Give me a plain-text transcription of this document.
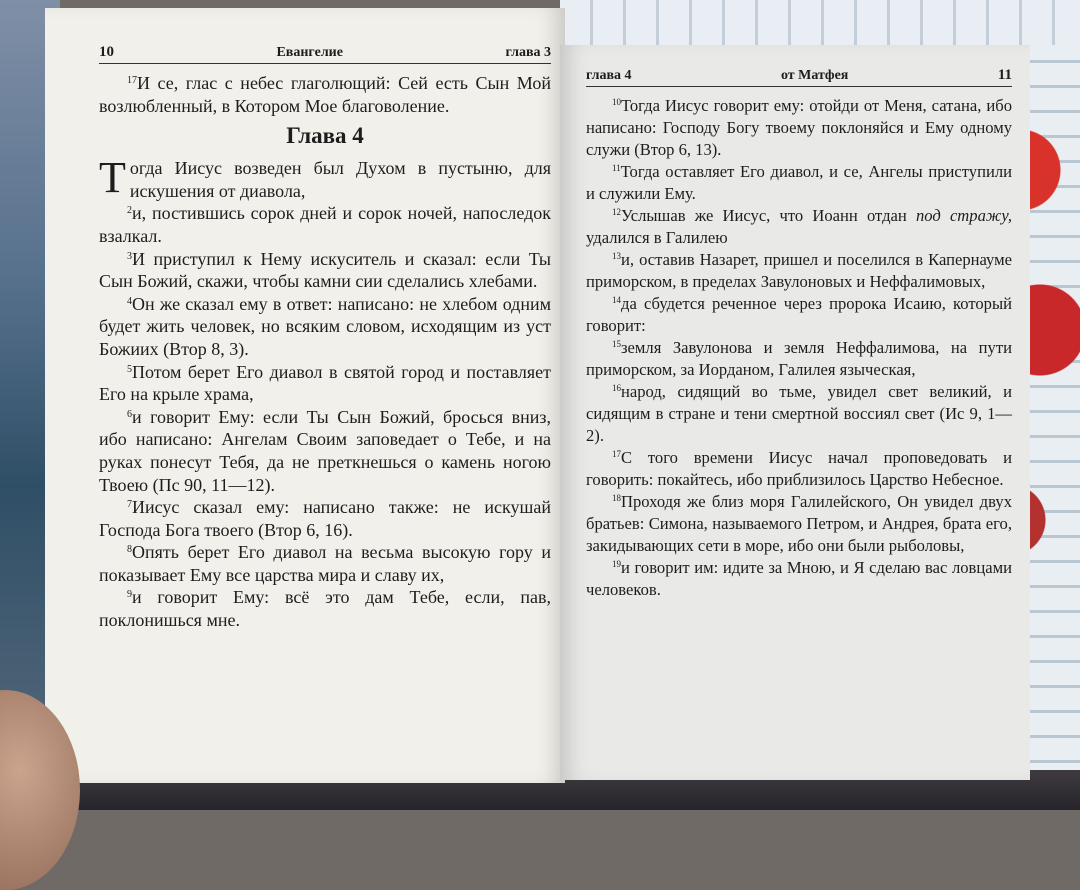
10	Евангелие	глава 3

$^{17}$И се, глас с небес глаголющий: Сей есть Сын Мой возлюбленный, в Котором Мое благоволение.

Глава 4

Тогда Иисус возведен был Духом в пустыню, для искушения от диавола,

$^2$и, постившись сорок дней и сорок ночей, напоследок взалкал.

$^3$И приступил к Нему искуситель и сказал: если Ты Сын Божий, скажи, чтобы камни сии сделались хлебами.

$^4$Он же сказал ему в ответ: написано: не хлебом одним будет жить человек, но всяким словом, исходящим из уст Божиих (Втор 8, 3).

$^5$Потом берет Его диавол в святой город и поставляет Его на крыле храма,

$^6$и говорит Ему: если Ты Сын Божий, бросься вниз, ибо написано: Ангелам Своим заповедает о Тебе, и на руках понесут Тебя, да не преткнешься о камень ногою Твоею (Пс 90, 11—12).

$^7$Иисус сказал ему: написано также: не искушай Господа Бога твоего (Втор 6, 16).

$^8$Опять берет Его диавол на весьма высокую гору и показывает Ему все царства мира и славу их,

$^9$и говорит Ему: всё это дам Тебе, если, пав, поклонишься мне.

глава 4	от Матфея	11

$^{10}$Тогда Иисус говорит ему: отойди от Меня, сатана, ибо написано: Господу Богу твоему поклоняйся и Ему одному служи (Втор 6, 13).

$^{11}$Тогда оставляет Его диавол, и се, Ангелы приступили и служили Ему.

$^{12}$Услышав же Иисус, что Иоанн отдан под стражу, удалился в Галилею

$^{13}$и, оставив Назарет, пришел и поселился в Капернауме приморском, в пределах Завулоновых и Неффалимовых,

$^{14}$да сбудется реченное через пророка Исаию, который говорит:

$^{15}$земля Завулонова и земля Неффалимова, на пути приморском, за Иорданом, Галилея языческая,

$^{16}$народ, сидящий во тьме, увидел свет великий, и сидящим в стране и тени смертной воссиял свет (Ис 9, 1—2).

$^{17}$С того времени Иисус начал проповедовать и говорить: покайтесь, ибо приблизилось Царство Небесное.

$^{18}$Проходя же близ моря Галилейского, Он увидел двух братьев: Симона, называемого Петром, и Андрея, брата его, закидывающих сети в море, ибо они были рыболовы,

$^{19}$и говорит им: идите за Мною, и Я сделаю вас ловцами человеков.
